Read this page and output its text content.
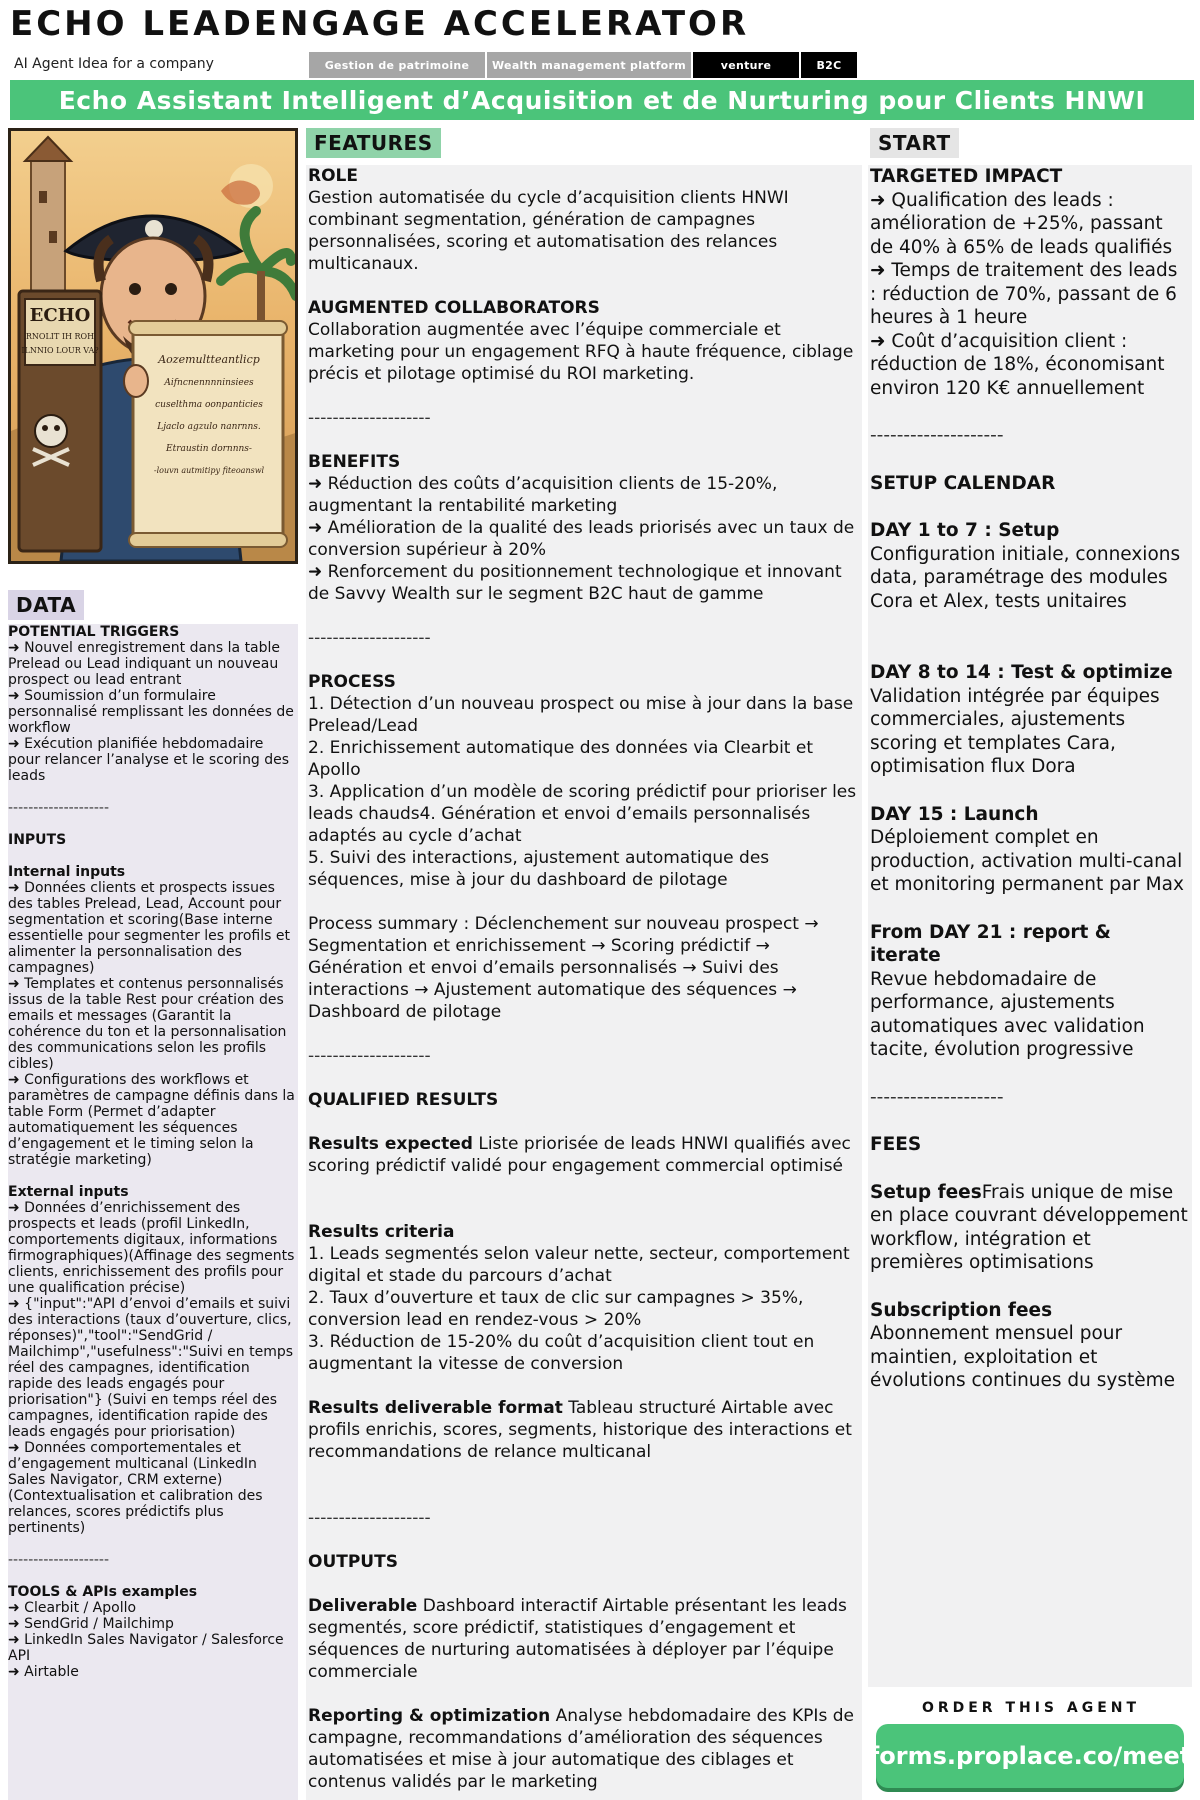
ECHO LEADENGAGE ACCELERATOR
AI Agent Idea for a company	Gestion de patrimoine	Wealth management platform	venture	B2C
Echo Assistant Intelligent d’Acquisition et de Nurturing pour Clients HNWI
ECHO
RNOLIT IH ROH
ILNNIO LOUR VA?
Aozemultteantlicp
Aifncnennnninsiees
cuselthma oonpanticies
Ljaclo agzulo nanrnns.
Etraustin dornnns-
-louvn autmitipy fiteoanswl
FEATURES	START
DATA
ROLE

Gestion automatisée du cycle d’acquisition clients HNWI combinant segmentation, génération de campagnes personnalisées, scoring et automatisation des relances multicanaux.

AUGMENTED COLLABORATORS

Collaboration augmentée avec l’équipe commerciale et marketing pour un engagement RFQ à haute fréquence, ciblage précis et pilotage optimisé du ROI marketing.

--------------------
BENEFITS
➜ Réduction des coûts d’acquisition clients de 15-20%, augmentant la rentabilité marketing
➜ Amélioration de la qualité des leads priorisés avec un taux de conversion supérieur à 20%
➜ Renforcement du positionnement technologique et innovant de Savvy Wealth sur le segment B2C haut de gamme
--------------------
PROCESS
1. Détection d’un nouveau prospect ou mise à jour dans la base Prelead/Lead
2. Enrichissement automatique des données via Clearbit et Apollo
3. Application d’un modèle de scoring prédictif pour prioriser les leads chauds4. Génération et envoi d’emails personnalisés adaptés au cycle d’achat
5. Suivi des interactions, ajustement automatique des séquences, mise à jour du dashboard de pilotage
Process summary : Déclenchement sur nouveau prospect → Segmentation et enrichissement → Scoring prédictif → Génération et envoi d’emails personnalisés → Suivi des interactions → Ajustement automatique des séquences → Dashboard de pilotage
--------------------
QUALIFIED RESULTS
Results expected Liste priorisée de leads HNWI qualifiés avec scoring prédictif validé pour engagement commercial optimisé
Results criteria
1. Leads segmentés selon valeur nette, secteur, comportement digital et stade du parcours d’achat
2. Taux d’ouverture et taux de clic sur campagnes > 35%, conversion lead en rendez-vous > 20%
3. Réduction de 15-20% du coût d’acquisition client tout en augmentant la vitesse de conversion
Results deliverable format Tableau structuré Airtable avec profils enrichis, scores, segments, historique des interactions et recommandations de relance multicanal
--------------------
OUTPUTS
Deliverable Dashboard interactif Airtable présentant les leads segmentés, score prédictif, statistiques d’engagement et séquences de nurturing automatisées à déployer par l’équipe commerciale
Reporting & optimization Analyse hebdomadaire des KPIs de campagne, recommandations d’amélioration des séquences automatisées et mise à jour automatique des ciblages et contenus validés par le marketing
TARGETED IMPACT
➜ Qualification des leads : amélioration de +25%, passant de 40% à 65% de leads qualifiés
➜ Temps de traitement des leads : réduction de 70%, passant de 6 heures à 1 heure
➜ Coût d’acquisition client : réduction de 18%, économisant environ 120 K€ annuellement
--------------------
SETUP CALENDAR
DAY 1 to 7 : Setup
Configuration initiale, connexions data, paramétrage des modules Cora et Alex, tests unitaires
DAY 8 to 14 : Test & optimize
Validation intégrée par équipes commerciales, ajustements scoring et templates Cara, optimisation flux Dora
DAY 15 : Launch
Déploiement complet en production, activation multi-canal et monitoring permanent par Max
From DAY 21 : report & iterate
Revue hebdomadaire de performance, ajustements automatiques avec validation tacite, évolution progressive
--------------------
FEES
Setup feesFrais unique de mise en place couvrant développement workflow, intégration et premières optimisations
Subscription fees
Abonnement mensuel pour maintien, exploitation et évolutions continues du système
ORDER THIS AGENT
forms.proplace.co/meet
POTENTIAL TRIGGERS
➜ Nouvel enregistrement dans la table Prelead ou Lead indiquant un nouveau prospect ou lead entrant
➜ Soumission d’un formulaire personnalisé remplissant les données de workflow
➜ Exécution planifiée hebdomadaire pour relancer l’analyse et le scoring des leads
--------------------
INPUTS
Internal inputs
➜ Données clients et prospects issues des tables Prelead, Lead, Account pour segmentation et scoring(Base interne essentielle pour segmenter les profils et alimenter la personnalisation des campagnes)
➜ Templates et contenus personnalisés issus de la table Rest pour création des emails et messages (Garantit la cohérence du ton et la personnalisation des communications selon les profils cibles)
➜ Configurations des workflows et paramètres de campagne définis dans la table Form (Permet d’adapter automatiquement les séquences d’engagement et le timing selon la stratégie marketing)
External inputs
➜ Données d’enrichissement des prospects et leads (profil LinkedIn, comportements digitaux, informations firmographiques)(Affinage des segments clients, enrichissement des profils pour une qualification précise)
➜ {"input":"API d’envoi d’emails et suivi des interactions (taux d’ouverture, clics, réponses)","tool":"SendGrid / Mailchimp","usefulness":"Suivi en temps réel des campagnes, identification rapide des leads engagés pour priorisation"} (Suivi en temps réel des campagnes, identification rapide des leads engagés pour priorisation)
➜ Données comportementales et d’engagement multicanal (LinkedIn Sales Navigator, CRM externe)(Contextualisation et calibration des relances, scores prédictifs plus pertinents)
--------------------
TOOLS & APIs examples
➜ Clearbit / Apollo
➜ SendGrid / Mailchimp
➜ LinkedIn Sales Navigator / Salesforce API
➜ Airtable
